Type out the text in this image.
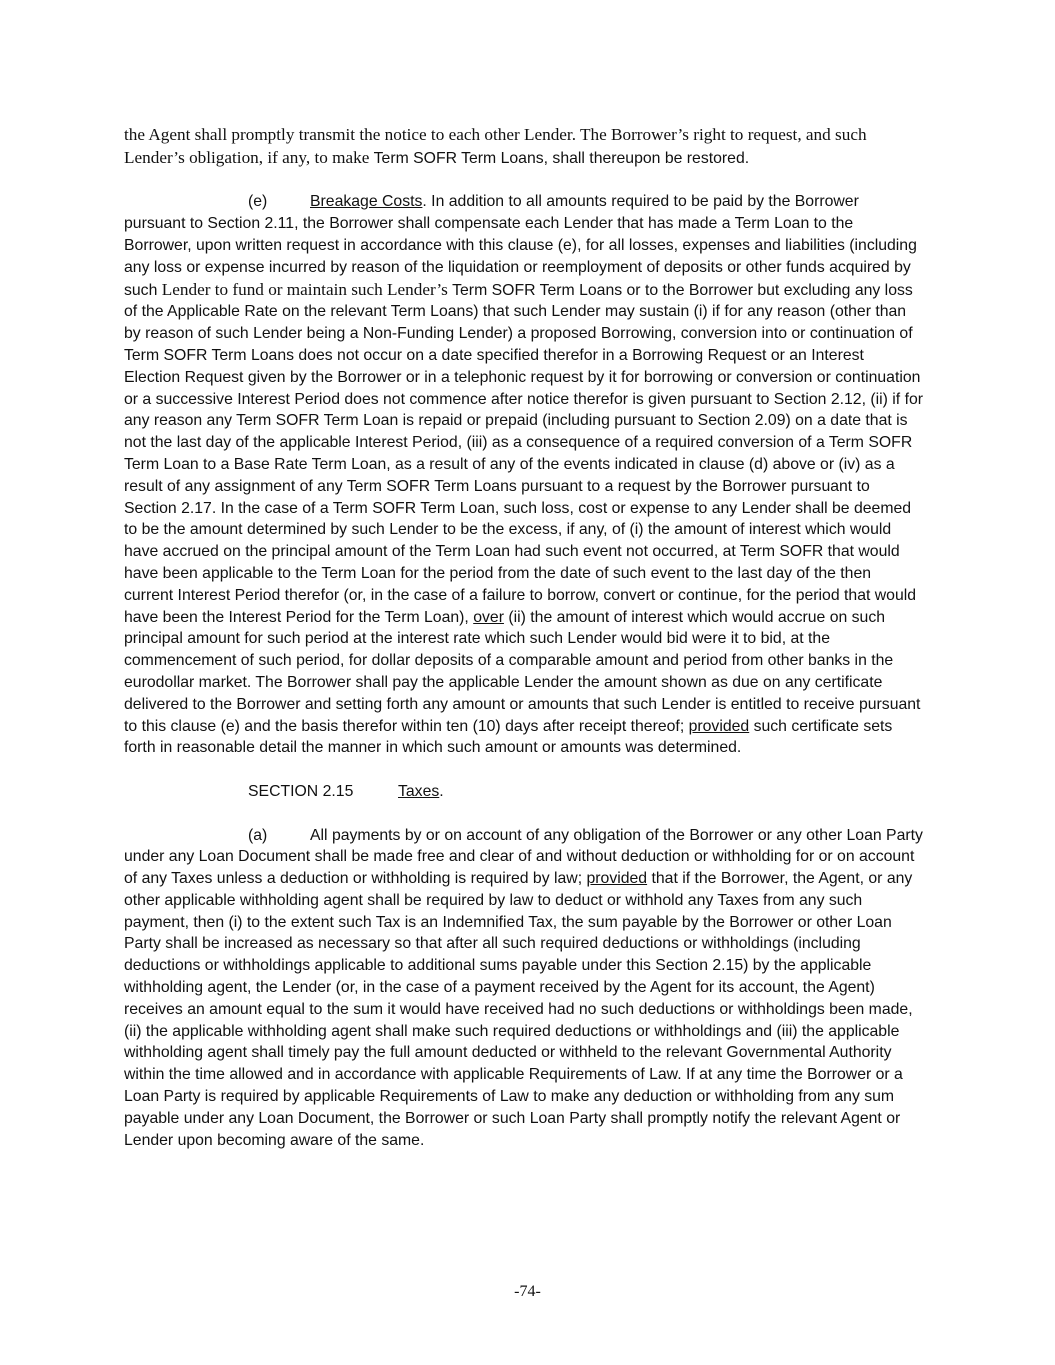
the Agent shall promptly transmit the notice to each other Lender. The Borrower’s right to request, and such Lender’s obligation, if any, to make Term SOFR Term Loans, shall thereupon be restored.

(e)	Breakage Costs. In addition to all amounts required to be paid by the Borrower pursuant to Section 2.11, the Borrower shall compensate each Lender that has made a Term Loan to the Borrower, upon written request in accordance with this clause (e), for all losses, expenses and liabilities (including any loss or expense incurred by reason of the liquidation or reemployment of deposits or other funds acquired by such Lender to fund or maintain such Lender’s Term SOFR Term Loans or to the Borrower but excluding any loss of the Applicable Rate on the relevant Term Loans) that such Lender may sustain (i) if for any reason (other than by reason of such Lender being a Non-Funding Lender) a proposed Borrowing, conversion into or continuation of Term SOFR Term Loans does not occur on a date specified therefor in a Borrowing Request or an Interest Election Request given by the Borrower or in a telephonic request by it for borrowing or conversion or continuation or a successive Interest Period does not commence after notice therefor is given pursuant to Section 2.12, (ii) if for any reason any Term SOFR Term Loan is repaid or prepaid (including pursuant to Section 2.09) on a date that is not the last day of the applicable Interest Period, (iii) as a consequence of a required conversion of a Term SOFR Term Loan to a Base Rate Term Loan, as a result of any of the events indicated in clause (d) above or (iv) as a result of any assignment of any Term SOFR Term Loans pursuant to a request by the Borrower pursuant to Section 2.17. In the case of a Term SOFR Term Loan, such loss, cost or expense to any Lender shall be deemed to be the amount determined by such Lender to be the excess, if any, of (i) the amount of interest which would have accrued on the principal amount of the Term Loan had such event not occurred, at Term SOFR that would have been applicable to the Term Loan for the period from the date of such event to the last day of the then current Interest Period therefor (or, in the case of a failure to borrow, convert or continue, for the period that would have been the Interest Period for the Term Loan), over (ii) the amount of interest which would accrue on such principal amount for such period at the interest rate which such Lender would bid were it to bid, at the commencement of such period, for dollar deposits of a comparable amount and period from other banks in the eurodollar market. The Borrower shall pay the applicable Lender the amount shown as due on any certificate delivered to the Borrower and setting forth any amount or amounts that such Lender is entitled to receive pursuant to this clause (e) and the basis therefor within ten (10) days after receipt thereof; provided such certificate sets forth in reasonable detail the manner in which such amount or amounts was determined.

SECTION 2.15	Taxes.

(a)	All payments by or on account of any obligation of the Borrower or any other Loan Party under any Loan Document shall be made free and clear of and without deduction or withholding for or on account of any Taxes unless a deduction or withholding is required by law; provided that if the Borrower, the Agent, or any other applicable withholding agent shall be required by law to deduct or withhold any Taxes from any such payment, then (i) to the extent such Tax is an Indemnified Tax, the sum payable by the Borrower or other Loan Party shall be increased as necessary so that after all such required deductions or withholdings (including deductions or withholdings applicable to additional sums payable under this Section 2.15) by the applicable withholding agent, the Lender (or, in the case of a payment received by the Agent for its account, the Agent) receives an amount equal to the sum it would have received had no such deductions or withholdings been made, (ii) the applicable withholding agent shall make such required deductions or withholdings and (iii) the applicable withholding agent shall timely pay the full amount deducted or withheld to the relevant Governmental Authority within the time allowed and in accordance with applicable Requirements of Law. If at any time the Borrower or a Loan Party is required by applicable Requirements of Law to make any deduction or withholding from any sum payable under any Loan Document, the Borrower or such Loan Party shall promptly notify the relevant Agent or Lender upon becoming aware of the same.

-74-
